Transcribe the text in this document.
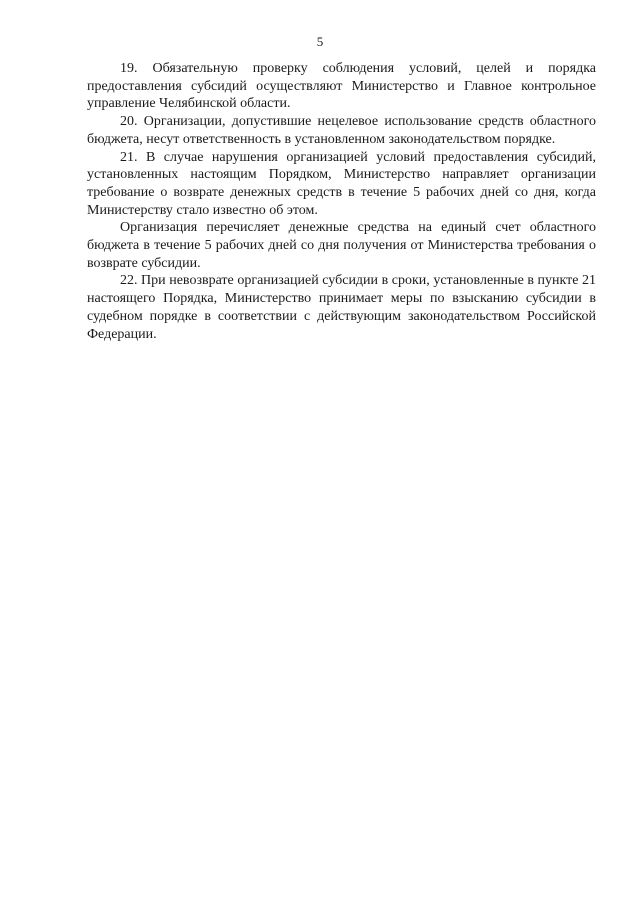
5

19. Обязательную проверку соблюдения условий, целей и порядка предоставления субсидий осуществляют Министерство и Главное контрольное управление Челябинской области.

20. Организации, допустившие нецелевое использование средств областного бюджета, несут ответственность в установленном законодательством порядке.

21. В случае нарушения организацией условий предоставления субсидий, установленных настоящим Порядком, Министерство направляет организации требование о возврате денежных средств в течение 5 рабочих дней со дня, когда Министерству стало известно об этом.

Организация перечисляет денежные средства на единый счет областного бюджета в течение 5 рабочих дней со дня получения от Министерства требования о возврате субсидии.

22. При невозврате организацией субсидии в сроки, установленные в пункте 21 настоящего Порядка, Министерство принимает меры по взысканию субсидии в судебном порядке в соответствии с действующим законодательством Российской Федерации.
